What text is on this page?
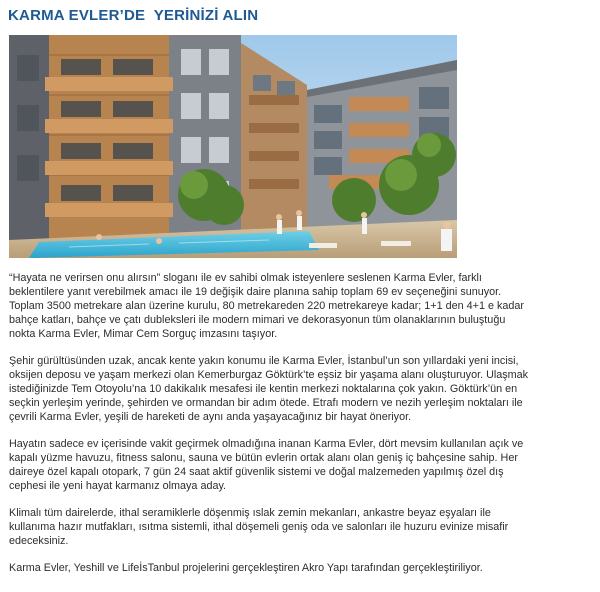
KARMA EVLER’DE  YERİNİZİ ALIN

“Hayata ne verirsen onu alırsın” sloganı ile ev sahibi olmak isteyenlere seslenen Karma Evler, farklı beklentilere yanıt verebilmek amacı ile 19 değişik daire planına sahip toplam 69 ev seçeneğini sunuyor. Toplam 3500 metrekare alan üzerine kurulu, 80 metrekareden 220 metrekareye kadar; 1+1 den 4+1 e kadar bahçe katları, bahçe ve çatı dubleksleri ile modern mimari ve dekorasyonun tüm olanaklarının buluştuğu nokta Karma Evler, Mimar Cem Sorguç imzasını taşıyor.

Şehir gürültüsünden uzak, ancak kente yakın konumu ile Karma Evler, İstanbul’un son yıllardaki yeni incisi, oksijen deposu ve yaşam merkezi olan Kemerburgaz Göktürk’te eşsiz bir yaşama alanı oluşturuyor. Ulaşmak istediğinizde Tem Otoyolu’na 10 dakikalık mesafesi ile kentin merkezi noktalarına çok yakın. Göktürk’ün en seçkin yerleşim yerinde, şehirden ve ormandan bir adım ötede. Etrafı modern ve nezih yerleşim noktaları ile çevrili Karma Evler, yeşili de hareketi de aynı anda yaşayacağınız bir hayat öneriyor.

Hayatın sadece ev içerisinde vakit geçirmek olmadığına inanan Karma Evler, dört mevsim kullanılan açık ve kapalı yüzme havuzu, fitness salonu, sauna ve bütün evlerin ortak alanı olan geniş iç bahçesine sahip. Her daireye özel kapalı otopark, 7 gün 24 saat aktif güvenlik sistemi ve doğal malzemeden yapılmış özel dış cephesi ile yeni hayat karmanız olmaya aday.

Klimalı tüm dairelerde, ithal seramiklerle döşenmiş ıslak zemin mekanları, ankastre beyaz eşyaları ile kullanıma hazır mutfakları, ısıtma sistemli, ithal döşemeli geniş oda ve salonları ile huzuru evinize misafir edeceksiniz.

Karma Evler, Yeshill ve LifeİsTanbul projelerini gerçekleştiren Akro Yapı tarafından gerçekleştiriliyor.
